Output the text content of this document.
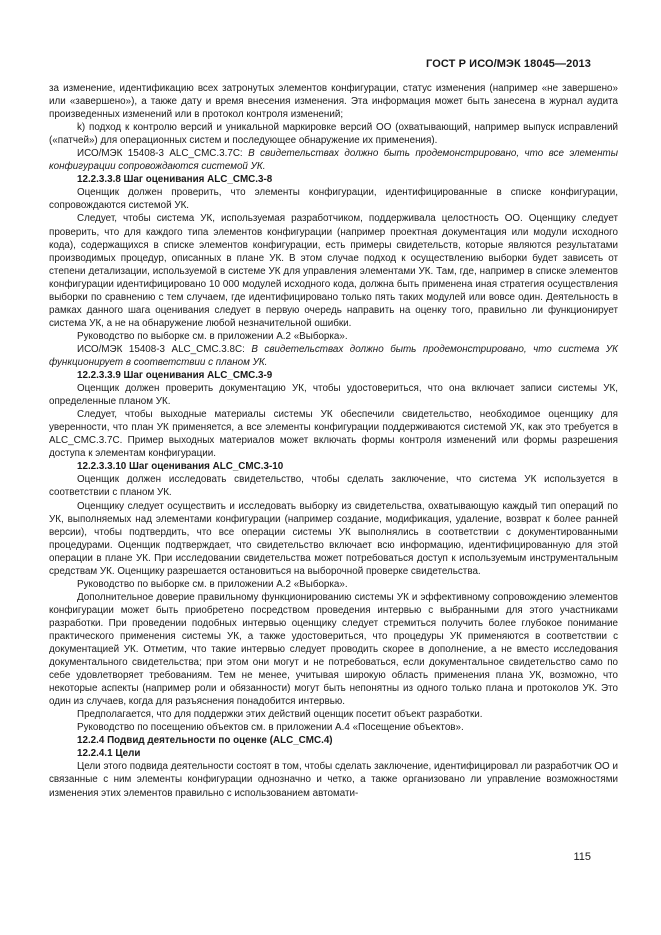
ГОСТ Р ИСО/МЭК 18045—2013

за изменение, идентификацию всех затронутых элементов конфигурации, статус изменения (например «не завершено» или «завершено»), а также дату и время внесения изменения. Эта информация может быть занесена в журнал аудита произведенных изменений или в протокол контроля изменений;

k) подход к контролю версий и уникальной маркировке версий ОО (охватывающий, например выпуск исправлений («патчей») для операционных систем и последующее обнаружение их применения).

ИСО/МЭК 15408-3 ALC_CMC.3.7С: В свидетельствах должно быть продемонстрировано, что все элементы конфигурации сопровождаются системой УК.

12.2.3.3.8 Шаг оценивания ALC_CMC.3-8

Оценщик должен проверить, что элементы конфигурации, идентифицированные в списке конфигурации, сопровождаются системой УК.

Следует, чтобы система УК, используемая разработчиком, поддерживала целостность ОО. Оценщику следует проверить, что для каждого типа элементов конфигурации (например проектная документация или модули исходного кода), содержащихся в списке элементов конфигурации, есть примеры свидетельств, которые являются результатами производимых процедур, описанных в плане УК. В этом случае подход к осуществлению выборки будет зависеть от степени детализации, используемой в системе УК для управления элементами УК. Там, где, например в списке элементов конфигурации идентифицировано 10 000 модулей исходного кода, должна быть применена иная стратегия осуществления выборки по сравнению с тем случаем, где идентифицировано только пять таких модулей или вовсе один. Деятельность в рамках данного шага оценивания следует в первую очередь направить на оценку того, правильно ли функционирует система УК, а не на обнаружение любой незначительной ошибки.

Руководство по выборке см. в приложении А.2 «Выборка».

ИСО/МЭК 15408-3 ALC_CMC.3.8С: В свидетельствах должно быть продемонстрировано, что система УК функционирует в соответствии с планом УК.

12.2.3.3.9 Шаг оценивания ALC_CMC.3-9

Оценщик должен проверить документацию УК, чтобы удостовериться, что она включает записи системы УК, определенные планом УК.

Следует, чтобы выходные материалы системы УК обеспечили свидетельство, необходимое оценщику для уверенности, что план УК применяется, а все элементы конфигурации поддерживаются системой УК, как это требуется в ALC_CMC.3.7С. Пример выходных материалов может включать формы контроля изменений или формы разрешения доступа к элементам конфигурации.

12.2.3.3.10 Шаг оценивания ALC_CMC.3-10

Оценщик должен исследовать свидетельство, чтобы сделать заключение, что система УК используется в соответствии с планом УК.

Оценщику следует осуществить и исследовать выборку из свидетельства, охватывающую каждый тип операций по УК, выполняемых над элементами конфигурации (например создание, модификация, удаление, возврат к более ранней версии), чтобы подтвердить, что все операции системы УК выполнялись в соответствии с документированными процедурами. Оценщик подтверждает, что свидетельство включает всю информацию, идентифицированную для этой операции в плане УК. При исследовании свидетельства может потребоваться доступ к используемым инструментальным средствам УК. Оценщику разрешается остановиться на выборочной проверке свидетельства.

Руководство по выборке см. в приложении А.2 «Выборка».

Дополнительное доверие правильному функционированию системы УК и эффективному сопровождению элементов конфигурации может быть приобретено посредством проведения интервью с выбранными для этого участниками разработки. При проведении подобных интервью оценщику следует стремиться получить более глубокое понимание практического применения системы УК, а также удостовериться, что процедуры УК применяются в соответствии с документацией УК. Отметим, что такие интервью следует проводить скорее в дополнение, а не вместо исследования документального свидетельства; при этом они могут и не потребоваться, если документальное свидетельство само по себе удовлетворяет требованиям. Тем не менее, учитывая широкую область применения плана УК, возможно, что некоторые аспекты (например роли и обязанности) могут быть непонятны из одного только плана и протоколов УК. Это один из случаев, когда для разъяснения понадобится интервью.

Предполагается, что для поддержки этих действий оценщик посетит объект разработки.

Руководство по посещению объектов см. в приложении А.4 «Посещение объектов».

12.2.4 Подвид деятельности по оценке (ALC_CMC.4)

12.2.4.1 Цели

Цели этого подвида деятельности состоят в том, чтобы сделать заключение, идентифицировал ли разработчик ОО и связанные с ним элементы конфигурации однозначно и четко, а также организовано ли управление возможностями изменения этих элементов правильно с использованием автомати-

115
